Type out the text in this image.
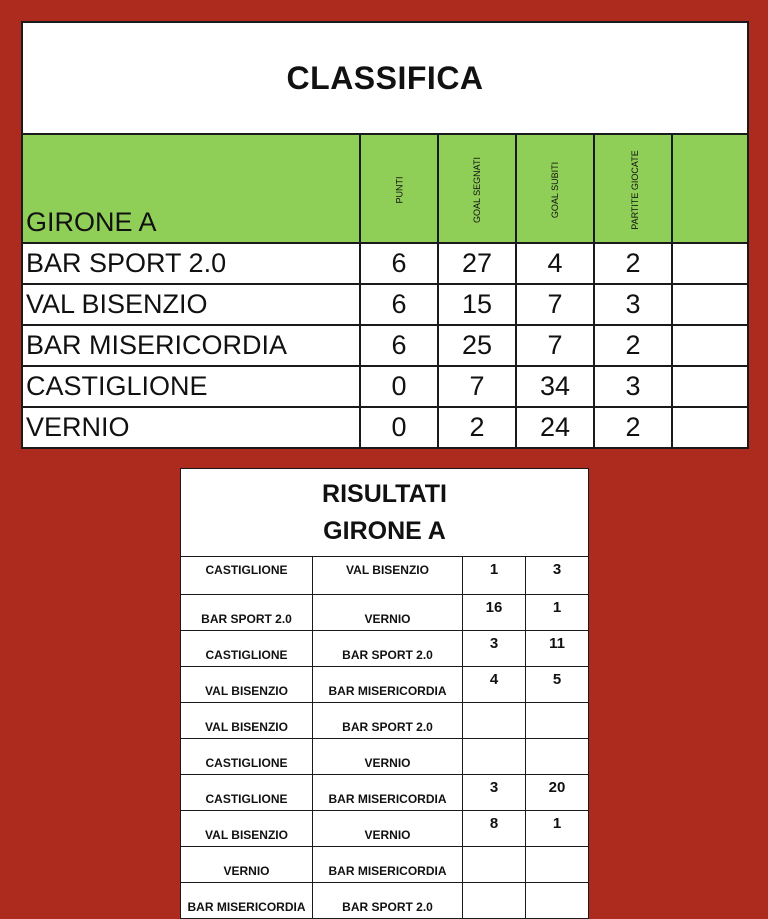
CLASSIFICA					
GIRONE A	PUNTI	GOAL SEGNATI	GOAL SUBITI	PARTITE GIOCATE	
BAR SPORT 2.0	6	27	4	2	
VAL BISENZIO	6	15	7	3	
BAR MISERICORDIA	6	25	7	2	
CASTIGLIONE	0	7	34	3	
VERNIO	0	2	24	2	
RISULTATI
GIRONE A			

CASTIGLIONE	VAL BISENZIO	1	3
BAR SPORT 2.0	VERNIO	16	1
CASTIGLIONE	BAR SPORT 2.0	3	11
VAL BISENZIO	BAR MISERICORDIA	4	5
VAL BISENZIO	BAR SPORT 2.0		
CASTIGLIONE	VERNIO		
CASTIGLIONE	BAR MISERICORDIA	3	20
VAL BISENZIO	VERNIO	8	1
VERNIO	BAR MISERICORDIA		
BAR MISERICORDIA	BAR SPORT 2.0		
